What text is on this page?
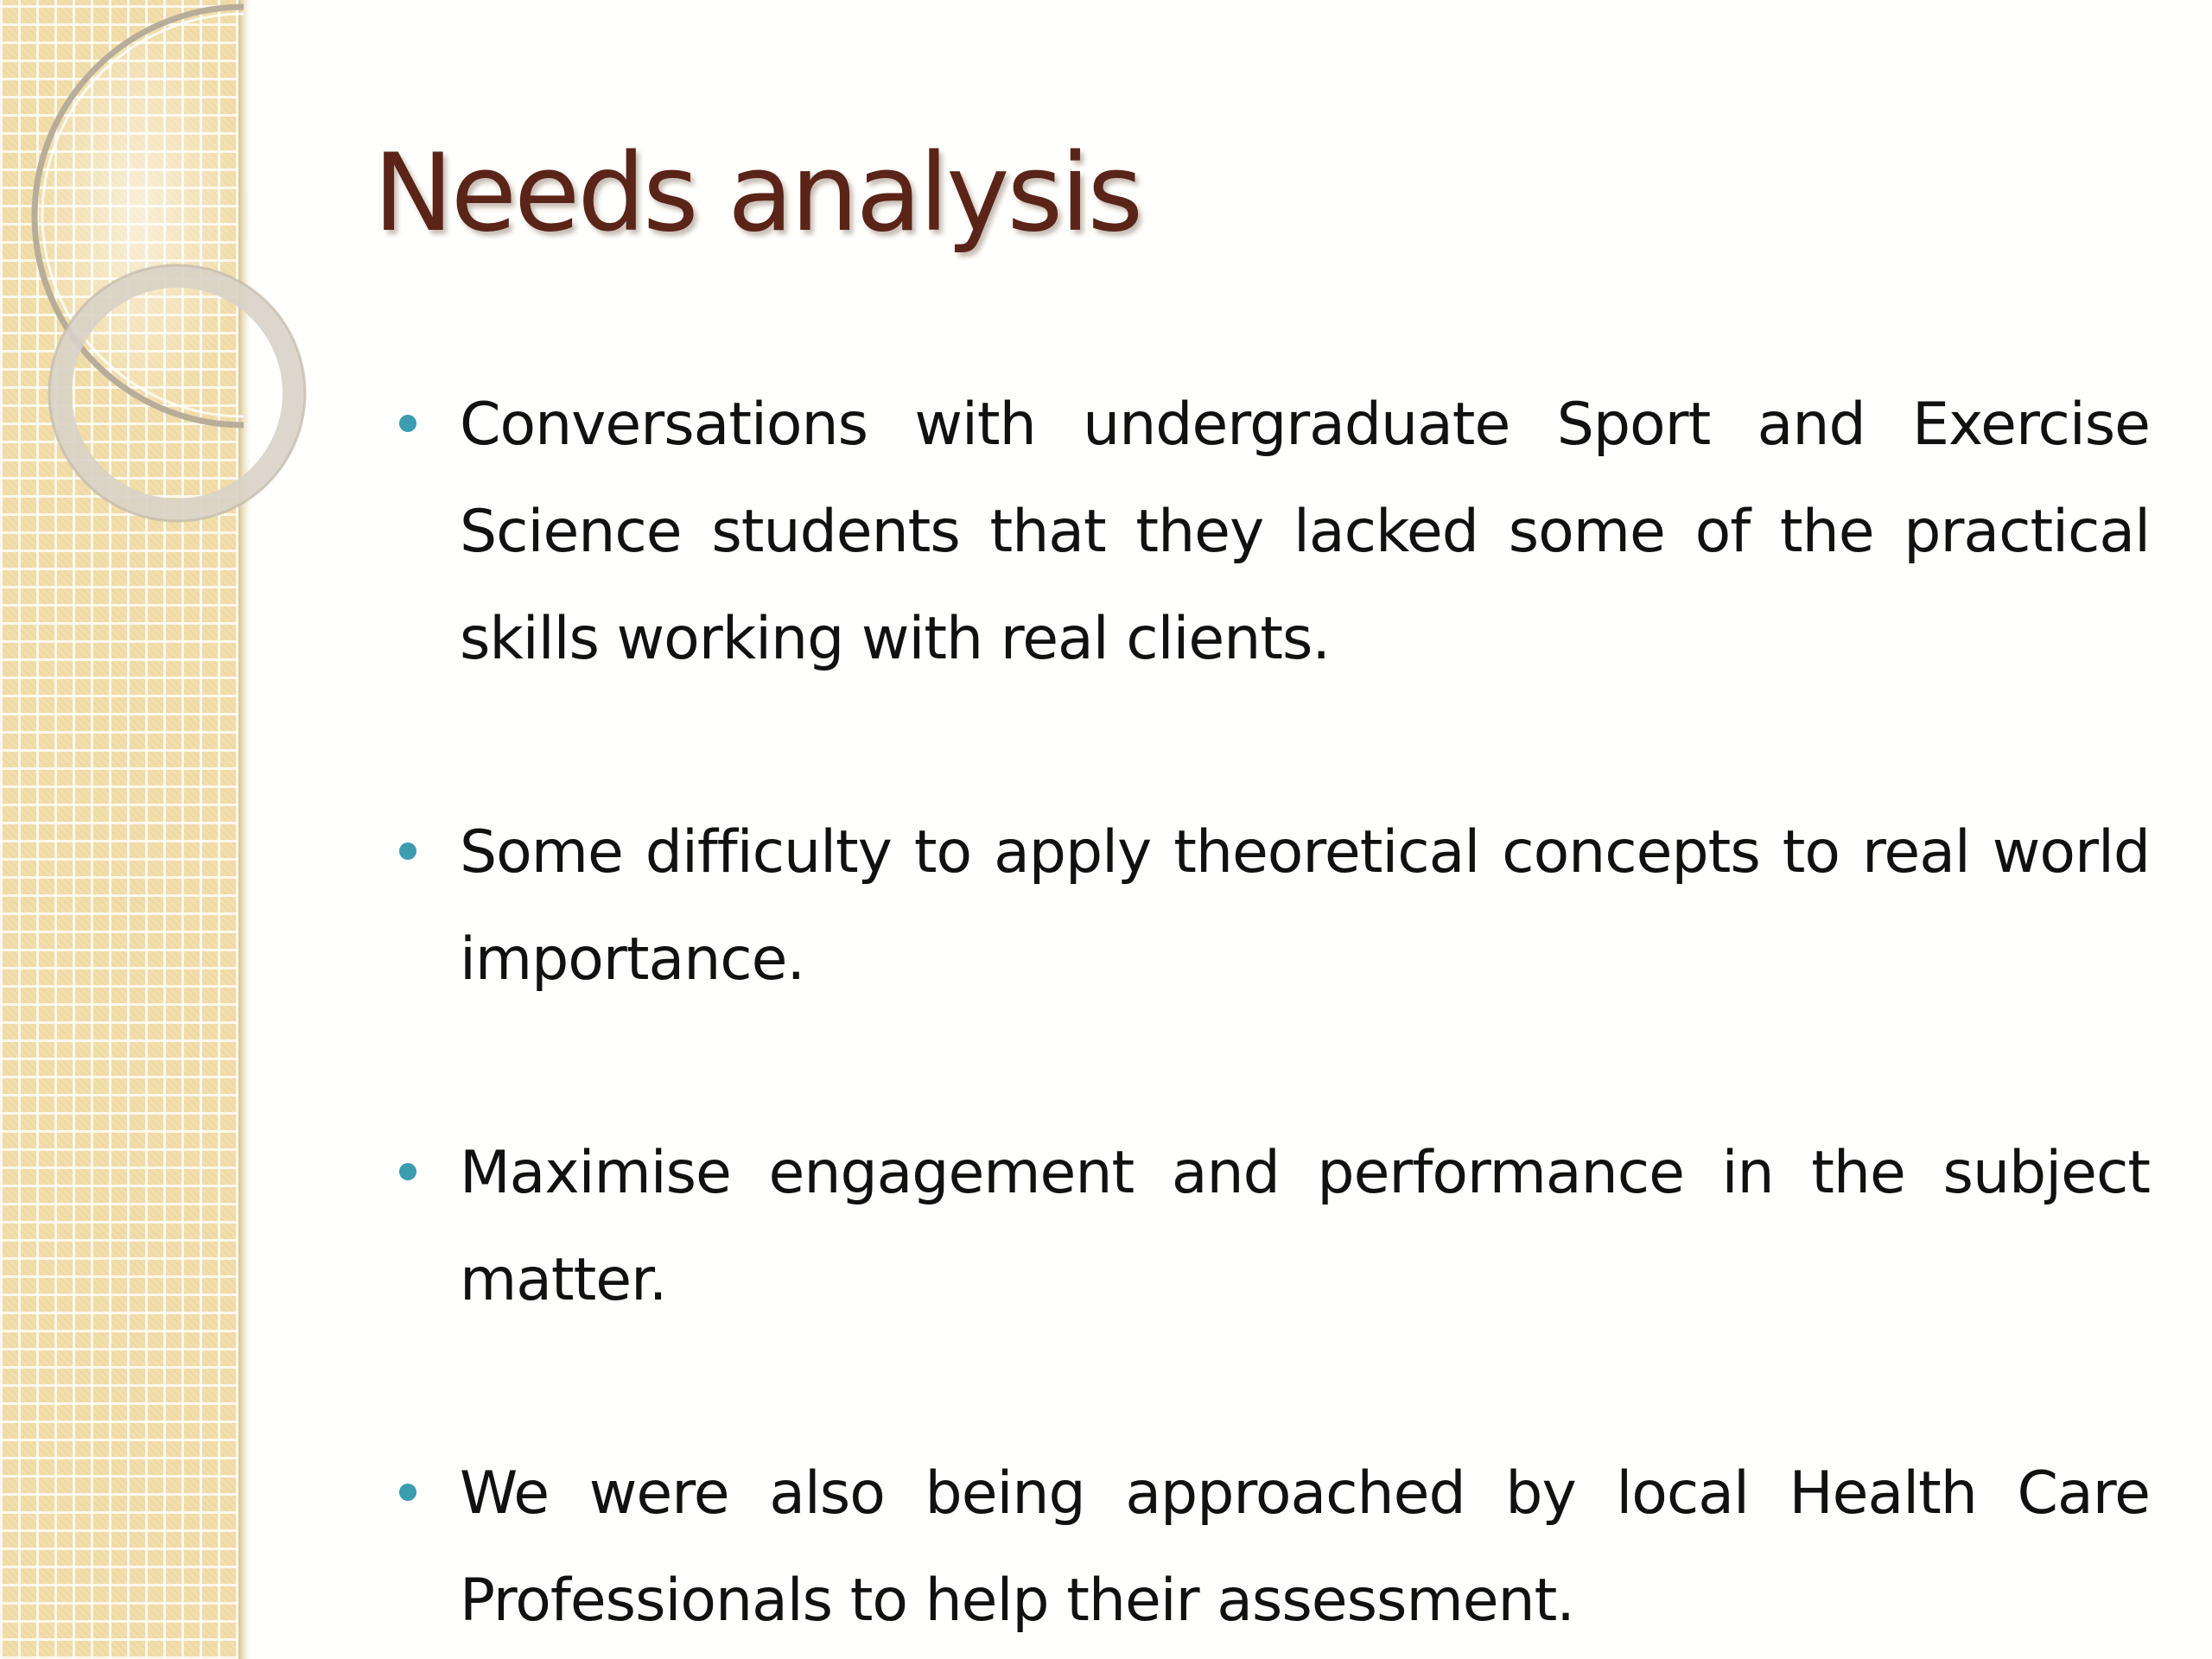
Needs analysis
Conversations with undergraduate Sport and Exercise Science students that they lacked some of the practical skills working with real clients.
Some difficulty to apply theoretical concepts to real world importance.
Maximise engagement and performance in the subject matter.
We were also being approached by local Health Care Professionals to help their assessment.
